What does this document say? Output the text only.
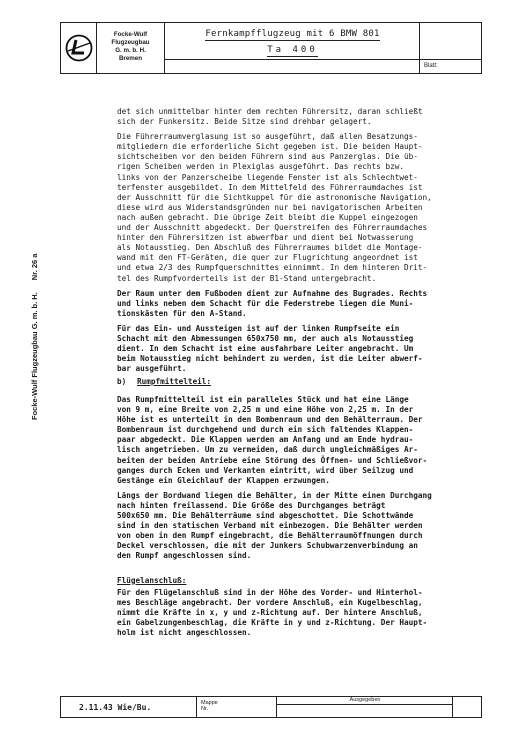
Focke-Wulf
Flugzeugbau
G. m. b. H.
Bremen
Fernkampfflugzeug mit 6 BMW 801
Ta 400
Blatt:
Focke-Wulf Flugzeugbau G. m. b. H.Nr. 26 a

det sich unmittelbar hinter dem rechten Führersitz, daran schließt
sich der Funkersitz. Beide Sitze sind drehbar gelagert.

Die Führerraumverglasung ist so ausgeführt, daß allen Besatzungs-
mitgliedern die erforderliche Sicht gegeben ist. Die beiden Haupt-
sichtscheiben vor den beiden Führern sind aus Panzerglas. Die üb-
rigen Scheiben werden in Plexiglas ausgeführt. Das rechts bzw.
links von der Panzerscheibe liegende Fenster ist als Schlechtwet-
terfenster ausgebildet. In dem Mittelfeld des Führerraumdaches ist
der Ausschnitt für die Sichtkuppel für die astronomische Navigation,
diese wird aus Widerstandsgründen nur bei navigatorischen Arbeiten
nach außen gebracht. Die übrige Zeit bleibt die Kuppel eingezogen
und der Ausschnitt abgedeckt. Der Querstreifen des Führerraumdaches
hinter den Führersitzen ist abwerfbar und dient bei Notwasserung
als Notausstieg. Den Abschluß des Führerraumes bildet die Montage-
wand mit den FT-Geräten, die quer zur Flugrichtung angeordnet ist
und etwa 2/3 des Rumpfquerschnittes einnimmt. In dem hinteren Drit-
tel des Rumpfvorderteils ist der B1-Stand untergebracht.

Der Raum unter dem Fußboden dient zur Aufnahme des Bugrades. Rechts
und links neben dem Schacht für die Federstrebe liegen die Muni-
tionskästen für den A-Stand.

Für das Ein- und Aussteigen ist auf der linken Rumpfseite ein
Schacht mit den Abmessungen 650x750 mm, der auch als Notausstieg
dient. In dem Schacht ist eine ausfahrbare Leiter angebracht. Um
beim Notausstieg nicht behindert zu werden, ist die Leiter abwerf-
bar ausgeführt.

b) Rumpfmittelteil:

Das Rumpfmittelteil ist ein paralleles Stück und hat eine Länge
von 9 m, eine Breite von 2,25 m und eine Höhe von 2,25 m. In der
Höhe ist es unterteilt in den Bombenraum und den Behälterraum. Der
Bombenraum ist durchgehend und durch ein sich faltendes Klappen-
paar abgedeckt. Die Klappen werden am Anfang und am Ende hydrau-
lisch angetrieben. Um zu vermeiden, daß durch ungleichmäßiges Ar-
beiten der beiden Antriebe eine Störung des Öffnen- und Schließvor-
ganges durch Ecken und Verkanten eintritt, wird über Seilzug und
Gestänge ein Gleichlauf der Klappen erzwungen.

Längs der Bordwand liegen die Behälter, in der Mitte einen Durchgang
nach hinten freilassend. Die Größe des Durchganges beträgt
500x650 mm. Die Behälterräume sind abgeschottet. Die Schottwände
sind in den statischen Verband mit einbezogen. Die Behälter werden
von oben in den Rumpf eingebracht, die Behälterraumöffnungen durch
Deckel verschlossen, die mit der Junkers Schubwarzenverbindung an
den Rumpf angeschlossen sind.

Flügelanschluß:

Für den Flügelanschluß sind in der Höhe des Vorder- und Hinterhol-
mes Beschläge angebracht. Der vordere Anschluß, ein Kugelbeschlag,
nimmt die Kräfte in x, y und z-Richtung auf. Der hintere Anschluß,
ein Gabelzungenbeschlag, die Kräfte in y und z-Richtung. Der Haupt-
holm ist nicht angeschlossen.

2.11.43 Wie/Bu.	Mappe
Nr.
Ausgegeben
